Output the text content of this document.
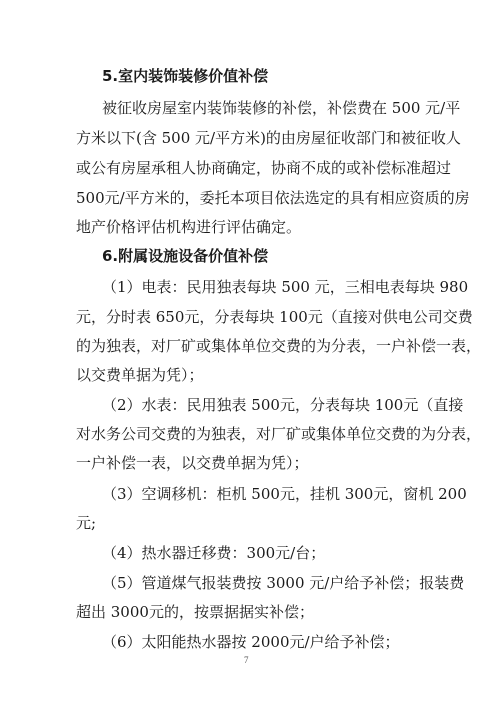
5.室内装饰装修价值补偿
被征收房屋室内装饰装修的补偿，补偿费在 500 元/平
方米以下(含 500 元/平方米)的由房屋征收部门和被征收人
或公有房屋承租人协商确定，协商不成的或补偿标准超过
500元/平方米的，委托本项目依法选定的具有相应资质的房
地产价格评估机构进行评估确定。
6.附属设施设备价值补偿
（1）电表：民用独表每块 500 元，三相电表每块 980
元，分时表 650元，分表每块 100元（直接对供电公司交费
的为独表，对厂矿或集体单位交费的为分表，一户补偿一表，
以交费单据为凭）；
（2）水表：民用独表 500元，分表每块 100元（直接
对水务公司交费的为独表，对厂矿或集体单位交费的为分表，
一户补偿一表，以交费单据为凭）；
（3）空调移机：柜机 500元，挂机 300元，窗机 200
元;
（4）热水器迁移费：300元/台；
（5）管道煤气报装费按 3000 元/户给予补偿；报装费
超出 3000元的，按票据据实补偿；
（6）太阳能热水器按 2000元/户给予补偿；
7
